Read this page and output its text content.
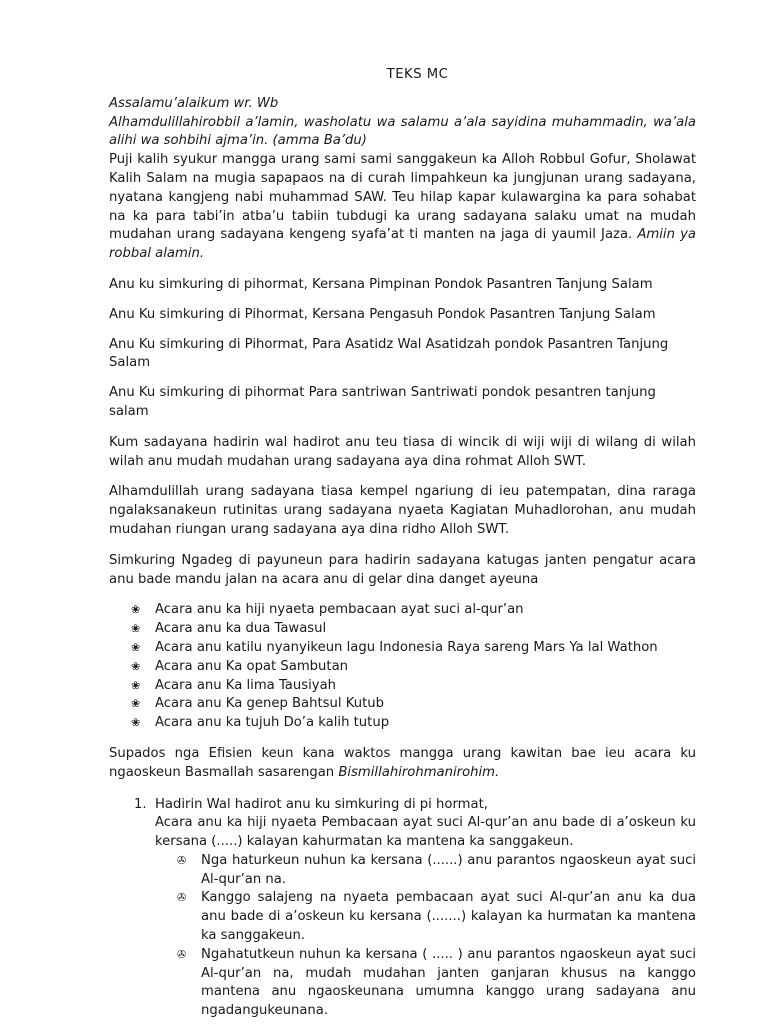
TEKS MC

Assalamu’alaikum wr. Wb

Alhamdulillahirobbil a’lamin, washolatu wa salamu a’ala sayidina muhammadin, wa’ala alihi wa sohbihi ajma’in. (amma Ba’du)

Puji kalih syukur mangga urang sami sami sanggakeun ka Alloh Robbul Gofur, Sholawat Kalih Salam na mugia sapapaos na di curah limpahkeun ka jungjunan urang sadayana, nyatana kangjeng nabi muhammad SAW. Teu hilap kapar kulawargina ka para sohabat na ka para tabi’in atba’u tabiin tubdugi ka urang sadayana salaku umat na mudah mudahan urang sadayana kengeng syafa’at ti manten na jaga di yaumil Jaza. Amiin ya robbal alamin.

Anu ku simkuring di pihormat, Kersana Pimpinan Pondok Pasantren Tanjung Salam

Anu Ku simkuring di Pihormat, Kersana Pengasuh Pondok Pasantren Tanjung Salam

Anu Ku simkuring di Pihormat, Para Asatidz Wal Asatidzah pondok Pasantren Tanjung Salam

Anu Ku simkuring di pihormat Para santriwan Santriwati pondok pesantren tanjung salam

Kum sadayana hadirin wal hadirot anu teu tiasa di wincik di wiji wiji di wilang di wilah wilah anu mudah mudahan urang sadayana aya dina rohmat Alloh SWT.

Alhamdulillah urang sadayana tiasa kempel ngariung di ieu patempatan, dina raraga ngalaksanakeun rutinitas urang sadayana nyaeta Kagiatan Muhadlorohan, anu mudah mudahan riungan urang sadayana aya dina ridho Alloh SWT.

Simkuring Ngadeg di payuneun para hadirin sadayana katugas janten pengatur acara anu bade mandu jalan na acara anu di gelar dina danget ayeuna

❀ Acara anu ka hiji nyaeta pembacaan ayat suci al-qur’an
❀ Acara anu ka dua Tawasul
❀ Acara anu katilu nyanyikeun lagu Indonesia Raya sareng Mars Ya lal Wathon
❀ Acara anu Ka opat Sambutan
❀ Acara anu Ka lima Tausiyah
❀ Acara anu Ka genep Bahtsul Kutub
❀ Acara anu ka tujuh Do’a kalih tutup

Supados nga Efisien keun kana waktos mangga urang kawitan bae ieu acara ku ngaoskeun Basmallah sasarengan Bismillahirohmanirohim.

1. Hadirin Wal hadirot anu ku simkuring di pi hormat,

Acara anu ka hiji nyaeta Pembacaan ayat suci Al-qur’an anu bade di a’oskeun ku kersana (.....) kalayan kahurmatan ka mantena ka sanggakeun.

✇ Nga haturkeun nuhun ka kersana (......) anu parantos ngaoskeun ayat suci Al-qur’an na.
✇ Kanggo salajeng na nyaeta pembacaan ayat suci Al-qur’an anu ka dua anu bade di a’oskeun ku kersana (.......) kalayan ka hurmatan ka mantena ka sanggakeun.
✇ Ngahatutkeun nuhun ka kersana ( ..... ) anu parantos ngaoskeun ayat suci Al-qur’an na, mudah mudahan janten ganjaran khusus na kanggo mantena anu ngaoskeunana umumna kanggo urang sadayana anu ngadangukeunana.
